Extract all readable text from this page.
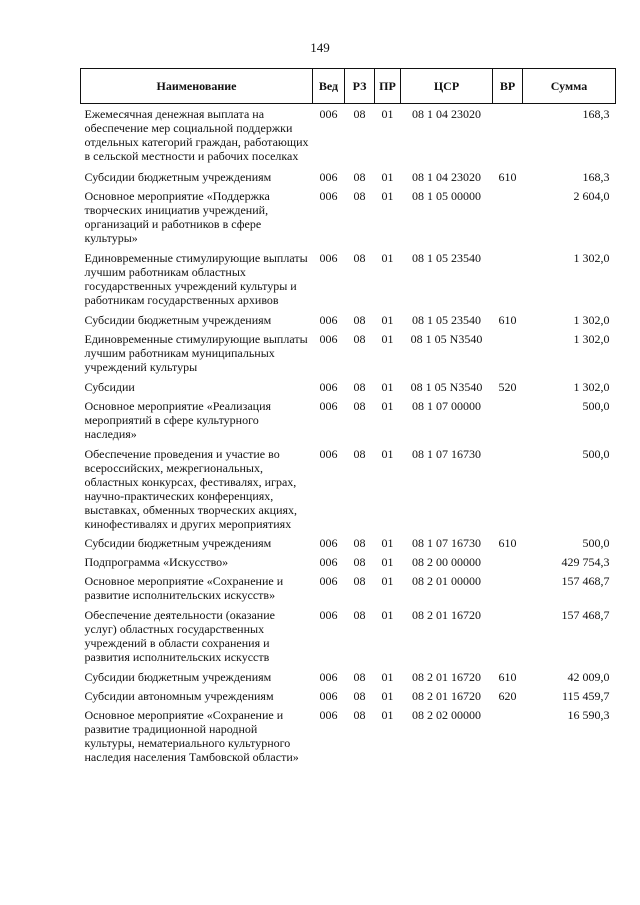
149
Наименование	Вед	РЗ	ПР	ЦСР	ВР	Сумма
Ежемесячная денежная выплата на обеспечение мер социальной поддержки отдельных категорий граждан, работающих в сельской местности и рабочих поселках	006	08	01	08 1 04 23020		168,3
Субсидии бюджетным учреждениям	006	08	01	08 1 04 23020	610	168,3
Основное мероприятие «Поддержка творческих инициатив учреждений, организаций и работников в сфере культуры»	006	08	01	08 1 05 00000		2 604,0
Единовременные стимулирующие выплаты лучшим работникам областных государственных учреждений культуры и работникам государственных архивов	006	08	01	08 1 05 23540		1 302,0
Субсидии бюджетным учреждениям	006	08	01	08 1 05 23540	610	1 302,0
Единовременные стимулирующие выплаты лучшим работникам муниципальных учреждений культуры	006	08	01	08 1 05 N3540		1 302,0
Субсидии	006	08	01	08 1 05 N3540	520	1 302,0
Основное мероприятие «Реализация мероприятий в сфере культурного наследия»	006	08	01	08 1 07 00000		500,0
Обеспечение проведения и участие во всероссийских, межрегиональных, областных конкурсах, фестивалях, играх, научно-практических конференциях, выставках, обменных творческих акциях, кинофестивалях и других мероприятиях	006	08	01	08 1 07 16730		500,0
Субсидии бюджетным учреждениям	006	08	01	08 1 07 16730	610	500,0
Подпрограмма «Искусство»	006	08	01	08 2 00 00000		429 754,3
Основное мероприятие «Сохранение и развитие исполнительских искусств»	006	08	01	08 2 01 00000		157 468,7
Обеспечение деятельности (оказание услуг) областных государственных учреждений в области сохранения и развития исполнительских искусств	006	08	01	08 2 01 16720		157 468,7
Субсидии бюджетным учреждениям	006	08	01	08 2 01 16720	610	42 009,0
Субсидии автономным учреждениям	006	08	01	08 2 01 16720	620	115 459,7
Основное мероприятие «Сохранение и развитие традиционной народной культуры, нематериального культурного наследия населения Тамбовской области»	006	08	01	08 2 02 00000		16 590,3
